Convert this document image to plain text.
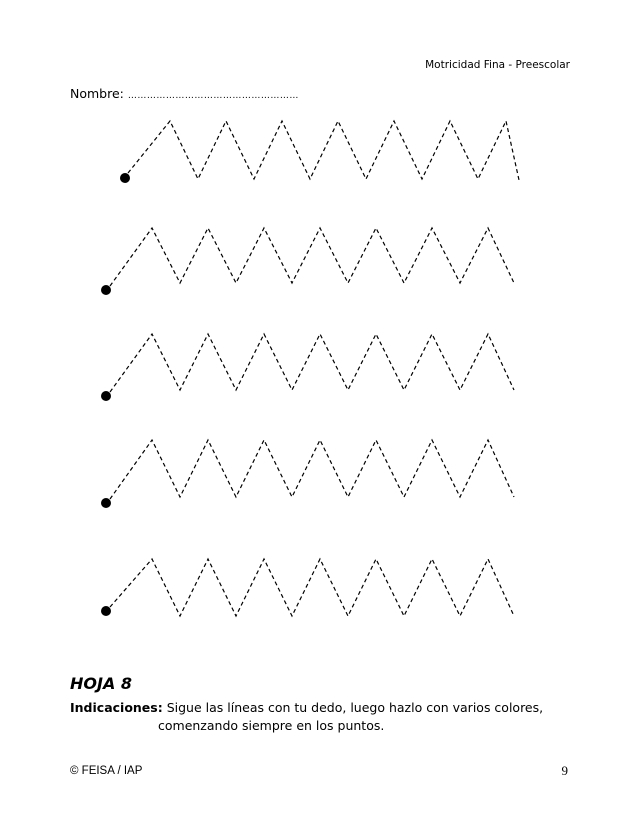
Motricidad Fina - Preescolar
Nombre: ………………………………………………
HOJA 8
Indicaciones: Sigue las líneas con tu dedo, luego hazlo con varios colores,
comenzando siempre en los puntos.
© FEISA / IAP	9
